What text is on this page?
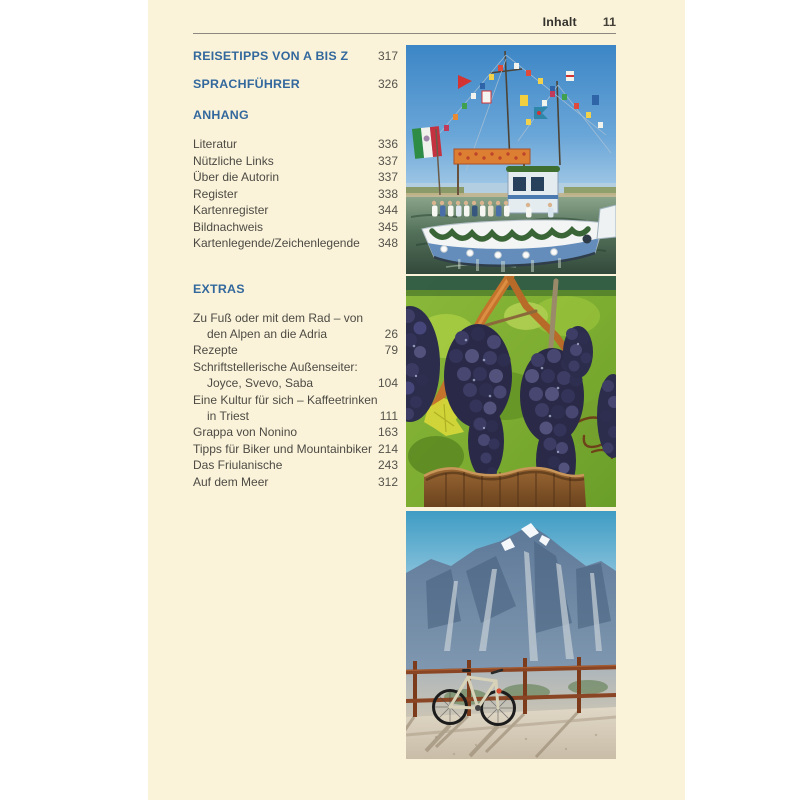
Inhalt 11
REISETIPPS VON A BIS Z 317
SPRACHFÜHRER	326
ANHANG
Literatur	336
Nützliche Links	337
Über die Autorin	337
Register	338
Kartenregister	344
Bildnachweis	345
Kartenlegende/Zeichenlegende 348
EXTRAS
Zu Fuß oder mit dem Rad – von
den Alpen an die Adria	26
Rezepte	79
Schriftstellerische Außenseiter:
Joyce, Svevo, Saba	104
Eine Kultur für sich – Kaffeetrinken
in Triest	111
Grappa von Nonino	163
Tipps für Biker und Mountainbiker 214
Das Friulanische	243
Auf dem Meer	312
